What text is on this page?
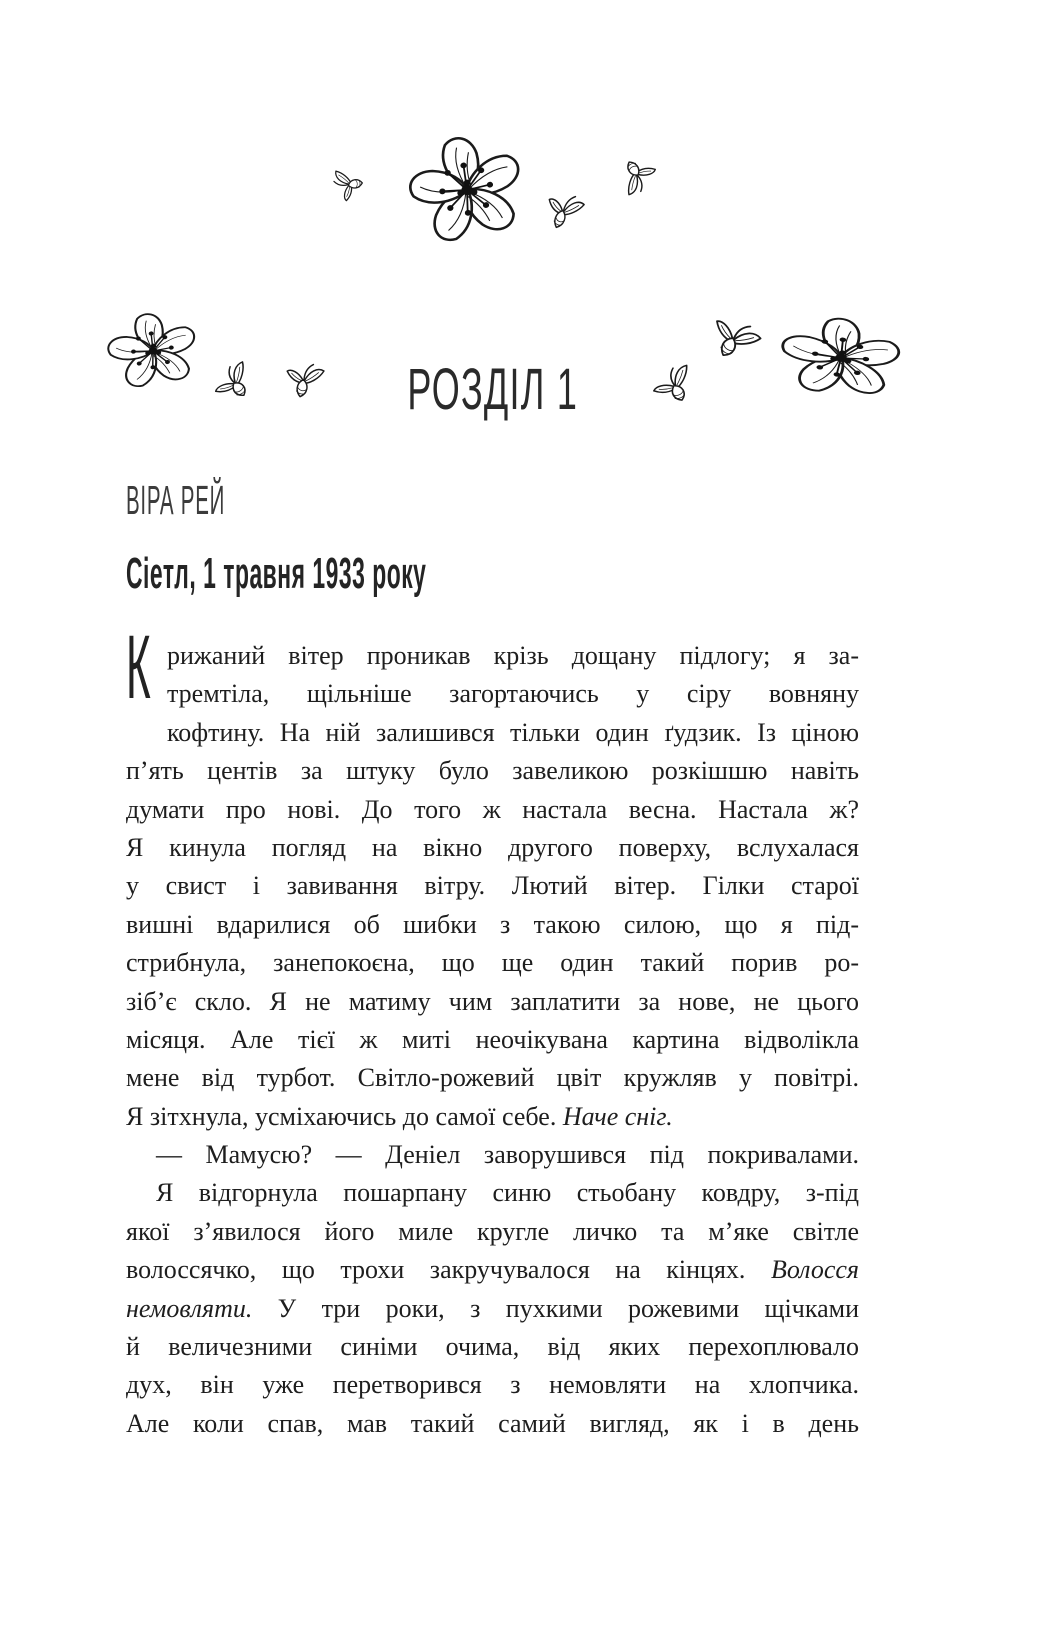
РОЗДІЛ 1
ВІРА РЕЙ
Сіетл, 1 травня 1933 року
К рижаний вітер проникав крізь дощану підлогу; я за-
тремтіла, щільніше загортаючись у сіру вовняну
кофтину. На ній залишився тільки один ґудзик. Із ціною
п’ять центів за штуку було завеликою розкішшю навіть
думати про нові. До того ж настала весна. Настала ж?
Я кинула погляд на вікно другого поверху, вслухалася
у свист і завивання вітру. Лютий вітер. Гілки старої
вишні вдарилися об шибки з такою силою, що я під-
стрибнула, занепокоєна, що ще один такий порив ро-
зіб’є скло. Я не матиму чим заплатити за нове, не цього
місяця. Але тієї ж миті неочікувана картина відволікла
мене від турбот. Світло-рожевий цвіт кружляв у повітрі.
Я зітхнула, усміхаючись до самої себе. Наче сніг.
— Мамусю? — Деніел заворушився під покривалами.
Я відгорнула пошарпану синю стьобану ковдру, з-під
якої з’явилося його миле кругле личко та м’яке світле
волоссячко, що трохи закручувалося на кінцях. Волосся
немовляти. У три роки, з пухкими рожевими щічками
й величезними синіми очима, від яких перехоплювало
дух, він уже перетворився з немовляти на хлопчика.
Але коли спав, мав такий самий вигляд, як і в день
